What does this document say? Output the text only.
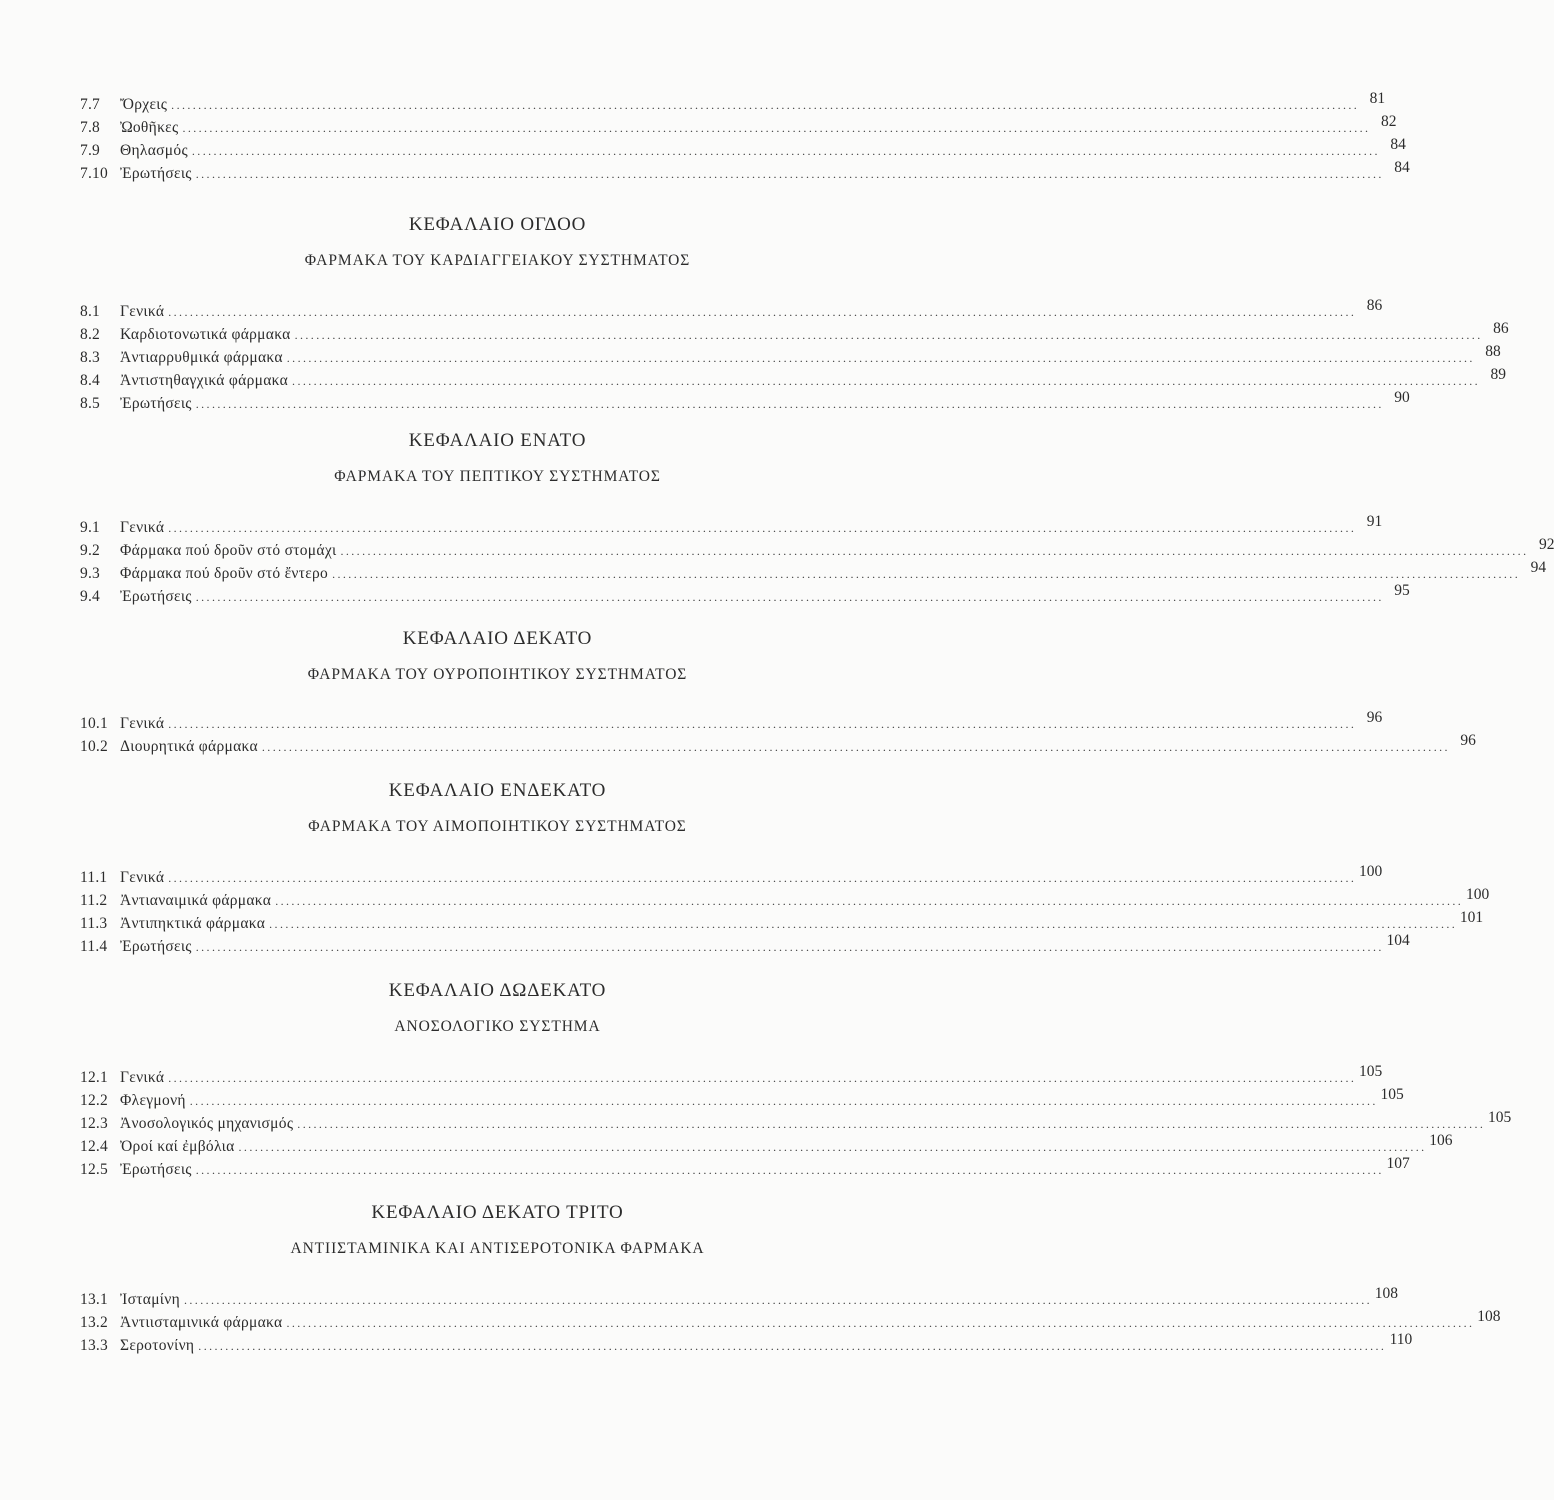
7.7	Ὄρχεις ............................................................................................................................................................................................................................ 81
7.8	Ὠοθῆκες ............................................................................................................................................................................................................................ 82
7.9	Θηλασμός ............................................................................................................................................................................................................................ 84
7.10 Ἐρωτήσεις ............................................................................................................................................................................................................................ 84
ΚΕΦΑΛΑΙΟ ΟΓΔΟΟ
ΦΑΡΜΑΚΑ ΤΟΥ ΚΑΡΔΙΑΓΓΕΙΑΚΟΥ ΣΥΣΤΗΜΑΤΟΣ
8.1	Γενικά ............................................................................................................................................................................................................................ 86
8.2	Καρδιοτονωτικά φάρμακα ............................................................................................................................................................................................................................ 86
8.3	Ἀντιαρρυθμικά φάρμακα ............................................................................................................................................................................................................................ 88
8.4	Ἀντιστηθαγχικά φάρμακα ............................................................................................................................................................................................................................ 89
8.5	Ἐρωτήσεις ............................................................................................................................................................................................................................ 90
ΚΕΦΑΛΑΙΟ ΕΝΑΤΟ
ΦΑΡΜΑΚΑ ΤΟΥ ΠΕΠΤΙΚΟΥ ΣΥΣΤΗΜΑΤΟΣ
9.1	Γενικά ............................................................................................................................................................................................................................ 91
9.2	Φάρμακα πού δροῦν στό στομάχι ............................................................................................................................................................................................................................ 92
9.3	Φάρμακα πού δροῦν στό ἔντερο ............................................................................................................................................................................................................................ 94
9.4	Ἐρωτήσεις ............................................................................................................................................................................................................................ 95
ΚΕΦΑΛΑΙΟ ΔΕΚΑΤΟ
ΦΑΡΜΑΚΑ ΤΟΥ ΟΥΡΟΠΟΙΗΤΙΚΟΥ ΣΥΣΤΗΜΑΤΟΣ
10.1 Γενικά ............................................................................................................................................................................................................................ 96
10.2 Διουρητικά φάρμακα ............................................................................................................................................................................................................................ 96
ΚΕΦΑΛΑΙΟ ΕΝΔΕΚΑΤΟ
ΦΑΡΜΑΚΑ ΤΟΥ ΑΙΜΟΠΟΙΗΤΙΚΟΥ ΣΥΣΤΗΜΑΤΟΣ
11.1 Γενικά ............................................................................................................................................................................................................................ 100
11.2 Ἀντιαναιμικά φάρμακα ............................................................................................................................................................................................................................ 100
11.3 Ἀντιπηκτικά φάρμακα ............................................................................................................................................................................................................................ 101
11.4 Ἐρωτήσεις ............................................................................................................................................................................................................................ 104
ΚΕΦΑΛΑΙΟ ΔΩΔΕΚΑΤΟ
ΑΝΟΣΟΛΟΓΙΚΟ ΣΥΣΤΗΜΑ
12.1 Γενικά ............................................................................................................................................................................................................................ 105
12.2 Φλεγμονή ............................................................................................................................................................................................................................ 105
12.3 Ἀνοσολογικός μηχανισμός ............................................................................................................................................................................................................................ 105
12.4 Ὀροί καί ἐμβόλια ............................................................................................................................................................................................................................ 106
12.5 Ἐρωτήσεις ............................................................................................................................................................................................................................ 107
ΚΕΦΑΛΑΙΟ ΔΕΚΑΤΟ ΤΡΙΤΟ
ΑΝΤΙΙΣΤΑΜΙΝΙΚΑ ΚΑΙ ΑΝΤΙΣΕΡΟΤΟΝΙΚΑ ΦΑΡΜΑΚΑ
13.1 Ἰσταμίνη ............................................................................................................................................................................................................................ 108
13.2 Ἀντιισταμινικά φάρμακα ............................................................................................................................................................................................................................ 108
13.3 Σεροτονίνη ............................................................................................................................................................................................................................ 110
